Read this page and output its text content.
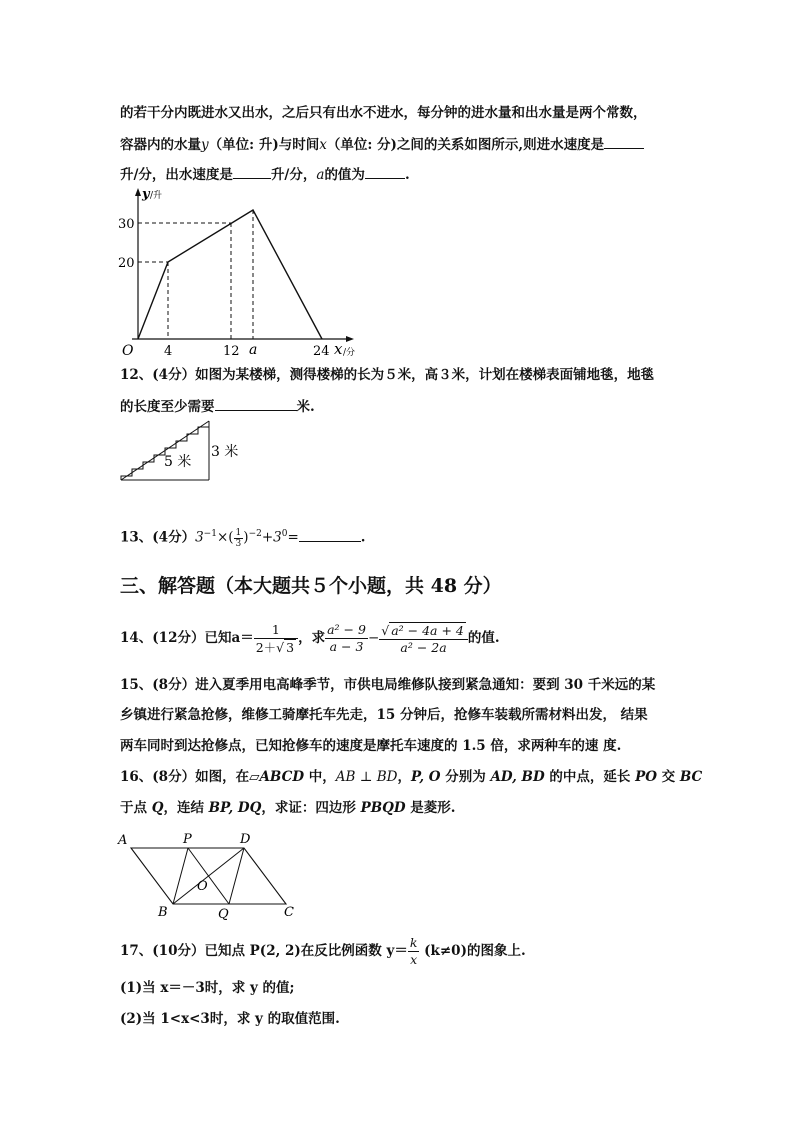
的若干分内既进水又出水，之后只有出水不进水，每分钟的进水量和出水量是两个常数，
容器内的水量y（单位: 升)与时间x（单位: 分)之间的关系如图所示,则进水速度是
升/分，出水速度是	升/分，a的值为	.
y /升
x /分
O
30
20
4	12 a	24
12、(4分）如图为某楼梯，测得楼梯的长为５米，高３米，计划在楼梯表面铺地毯，地毯
的长度至少需要	米.
5 米
3 米
13、(4分）$3^{-1}\times( \frac{1}{3} )^{-2}+3^0=$	.
三、解答题（本大题共５个小题，共 48 分）
14、(12分）已知$a= \frac{1}{2+√ 3}$ ，求 $\frac{\text{a² − 9}}{a - 3} - \frac{\text{√ a² − 4a + 4}}{\text{a² − 2a}}$ 的值.
15、(8分）进入夏季用电高峰季节，市供电局维修队接到紧急通知：要到 30 千米远的某
乡镇进行紧急抢修，维修工骑摩托车先走，15 分钟后，抢修车装载所需材料出发， 结果
两车同时到达抢修点，已知抢修车的速度是摩托车速度的 1.5 倍，求两种车的速 度.
16、(8分）如图，在▱ABCD 中，AB ⊥ BD，P, O 分别为 AD, BD 的中点，延长 PO 交 BC
于点 Q，连结 BP, DQ，求证：四边形 PBQD 是菱形.
A	P	D
O
B	Q	C
17、(10分）已知点 P(2, 2)在反比例函数 $y= \frac{k}{x} (k\ne 0)$的图象上.
(1)当 x＝－3时，求 y 的值;
(2)当 1<x<3时，求 y 的取值范围.
